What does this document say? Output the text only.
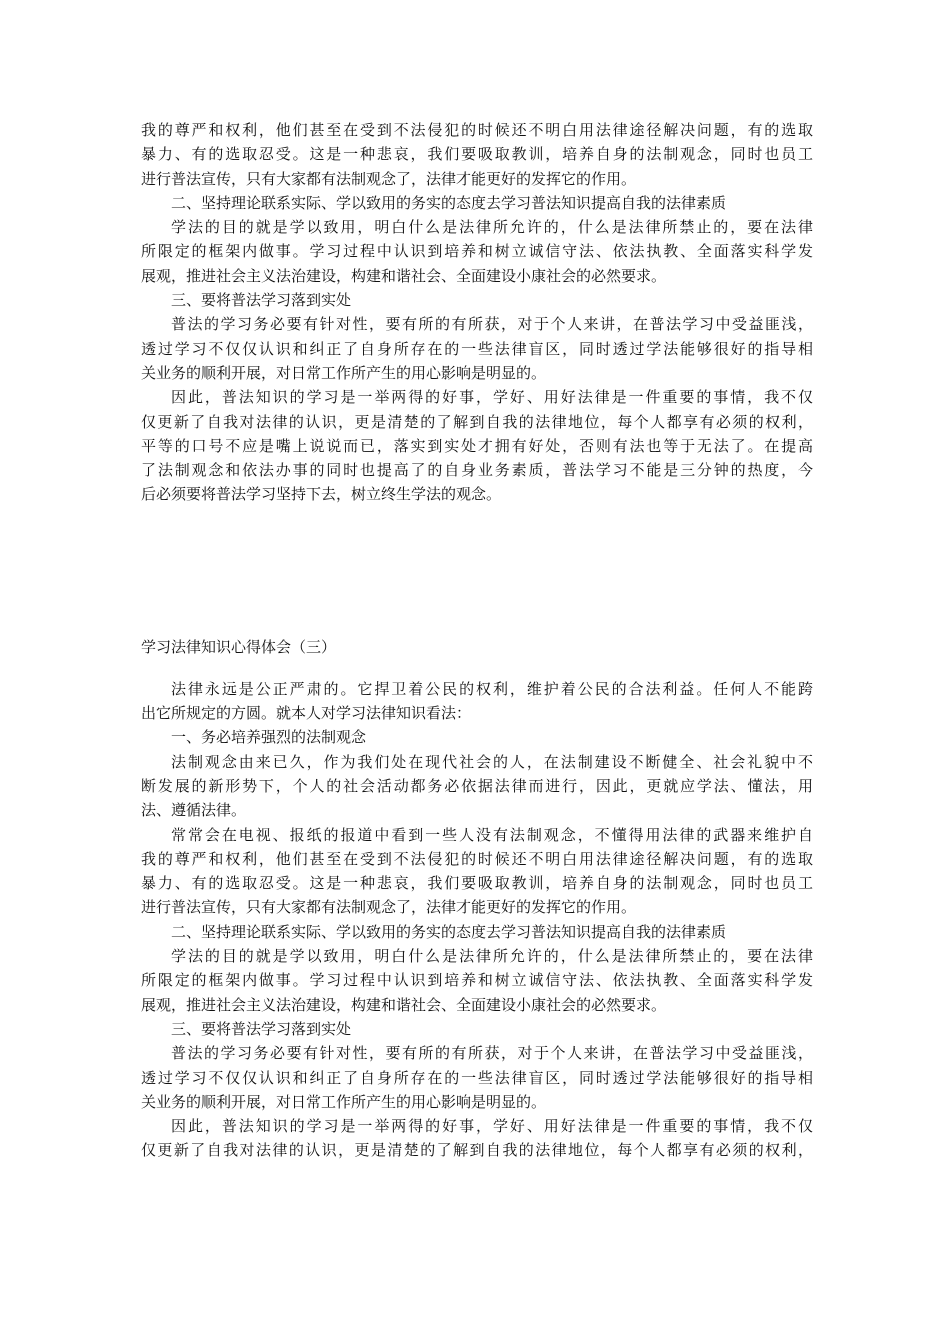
我的尊严和权利，他们甚至在受到不法侵犯的时候还不明白用法律途径解决问题，有的选取
暴力、有的选取忍受。这是一种悲哀，我们要吸取教训，培养自身的法制观念，同时也员工
进行普法宣传，只有大家都有法制观念了，法律才能更好的发挥它的作用。
二、坚持理论联系实际、学以致用的务实的态度去学习普法知识提高自我的法律素质
学法的目的就是学以致用，明白什么是法律所允许的，什么是法律所禁止的，要在法律
所限定的框架内做事。学习过程中认识到培养和树立诚信守法、依法执教、全面落实科学发
展观，推进社会主义法治建设，构建和谐社会、全面建设小康社会的必然要求。
三、要将普法学习落到实处
普法的学习务必要有针对性，要有所的有所获，对于个人来讲，在普法学习中受益匪浅，
透过学习不仅仅认识和纠正了自身所存在的一些法律盲区，同时透过学法能够很好的指导相
关业务的顺利开展，对日常工作所产生的用心影响是明显的。
因此，普法知识的学习是一举两得的好事，学好、用好法律是一件重要的事情，我不仅
仅更新了自我对法律的认识，更是清楚的了解到自我的法律地位，每个人都享有必须的权利，
平等的口号不应是嘴上说说而已，落实到实处才拥有好处，否则有法也等于无法了。在提高
了法制观念和依法办事的同时也提高了的自身业务素质，普法学习不能是三分钟的热度，今
后必须要将普法学习坚持下去，树立终生学法的观念。
学习法律知识心得体会（三）
法律永远是公正严肃的。它捍卫着公民的权利，维护着公民的合法利益。任何人不能跨
出它所规定的方圆。就本人对学习法律知识看法：
一、务必培养强烈的法制观念
法制观念由来已久，作为我们处在现代社会的人，在法制建设不断健全、社会礼貌中不
断发展的新形势下，个人的社会活动都务必依据法律而进行，因此，更就应学法、懂法，用
法、遵循法律。
常常会在电视、报纸的报道中看到一些人没有法制观念，不懂得用法律的武器来维护自
我的尊严和权利，他们甚至在受到不法侵犯的时候还不明白用法律途径解决问题，有的选取
暴力、有的选取忍受。这是一种悲哀，我们要吸取教训，培养自身的法制观念，同时也员工
进行普法宣传，只有大家都有法制观念了，法律才能更好的发挥它的作用。
二、坚持理论联系实际、学以致用的务实的态度去学习普法知识提高自我的法律素质
学法的目的就是学以致用，明白什么是法律所允许的，什么是法律所禁止的，要在法律
所限定的框架内做事。学习过程中认识到培养和树立诚信守法、依法执教、全面落实科学发
展观，推进社会主义法治建设，构建和谐社会、全面建设小康社会的必然要求。
三、要将普法学习落到实处
普法的学习务必要有针对性，要有所的有所获，对于个人来讲，在普法学习中受益匪浅，
透过学习不仅仅认识和纠正了自身所存在的一些法律盲区，同时透过学法能够很好的指导相
关业务的顺利开展，对日常工作所产生的用心影响是明显的。
因此，普法知识的学习是一举两得的好事，学好、用好法律是一件重要的事情，我不仅
仅更新了自我对法律的认识，更是清楚的了解到自我的法律地位，每个人都享有必须的权利，
